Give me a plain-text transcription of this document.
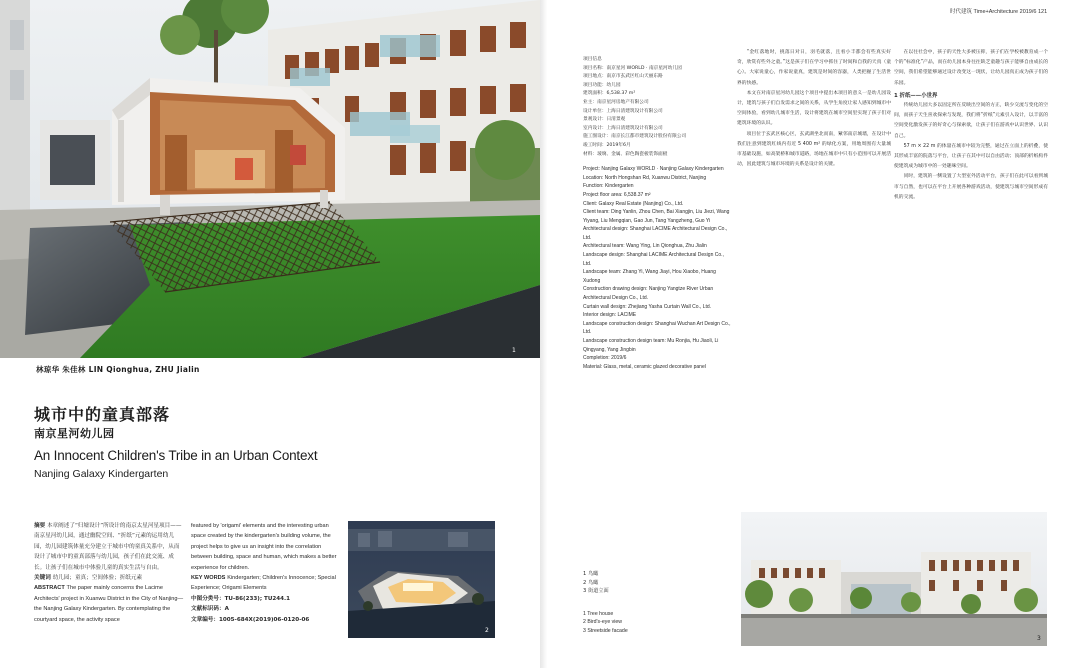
1
林琼华 朱佳林 LIN Qionghua, ZHU Jialin
城市中的童真部落
南京星河幼儿园
An Innocent Children's Tribe in an Urban Context
Nanjing Galaxy Kindergarten
摘要 本章阐述了“归墟设计”所设计的南京太星河星项目——南京星河幼儿园，通过幽院空间、“折纸”元素的运用幼儿园，幼儿园建筑体量充分建立于城市中的童真关系中，从而设计了城市中的童真部落与幼儿园，孩子们在此交流、成长。让孩子们在城市中体验儿童的真实生活与自由。
关键词 幼儿园；童真；空间体验；折纸元素
ABSTRACT The paper mainly concerns the Lacime Architects' project in Xuanwu District in the City of Nanjing—the Nanjing Galaxy Kindergarten. By contemplating the courtyard space, the activity space
featured by 'origami' elements and the interesting urban space created by the kindergarten's building volume, the project helps to give us an insight into the correlation between building, space and human, which makes a better experience for children.
KEY WORDS Kindergarten; Children's Innocence; Special Experience; Origami Elements
中图分类号：TU-86(233); TU244.1
文献标识码：A
文章编号：1005-684X(2019)06-0120-06
2
时代建筑 Time+Architecture 2019/6 121

项目信息

项目名称：南京星河 WORLD · 南京星河幼儿园

项目地点：南京市玄武区红山天丽东路

项目功能：幼儿园

建筑面积：6,538.37 m²

业主：南京星河房地产有限公司

设计单位：上海日清建筑设计有限公司

景观设计：日清景观

室内设计：上海日清建筑设计有限公司

施工图设计：南京长江都市建筑设计股份有限公司

竣工时间：2019年6月

材料：玻璃、金属、彩色陶瓷板装饰面板

Project: Nanjing Galaxy WORLD · Nanjing Galaxy Kindergarten

Location: North Hongshan Rd, Xuanwu District, Nanjing

Function: Kindergarten

Project floor area: 6,538.37 m²

Client: Galaxy Real Estate (Nanjing) Co., Ltd.

Client team: Ding Yanlin, Zhou Chen, Bai Xiangjin, Liu Jiezi, Wang Yiyang, Liu Mengqian, Gao Jun, Tang Yangzheng, Guo Yi

Architectural design: Shanghai LACIME Architectural Design Co., Ltd.

Architectural team: Wang Ying, Lin Qionghua, Zhu Jialin

Landscape design: Shanghai LACIME Architectural Design Co., Ltd.

Landscape team: Zhang Yi, Wang Jiayi, Hou Xiaobo, Huang Xudong

Construction drawing design: Nanjing Yangtze River Urban Architectural Design Co., Ltd.

Curtain wall design: Zhejiang Yasha Curtain Wall Co., Ltd.

Interior design: LACIME

Landscape construction design: Shanghai Wuchan Art Design Co., Ltd.

Landscape construction design team: Mu Ronjia, Hu Jiaoli, Li Qingyang, Yang Jingbin

Completion: 2019/6

Material: Glass, metal, ceramic glazed decorative panel

“金红落地时，挑落日对日，羽毛就落，且看小丰都会有些真实好奇，欣赏有些外之童。”这是孩子们在学习中抓住了时间和自我的天真（童心）。大家说童心，作家说童真，建筑是时间的容器，人类把握了生活世界的快感。

本文在对南京星河幼儿园这个项目中提出本项目的意义一是幼儿园设计，建筑与孩子们自发需求之间的关系，从学生角度让家人感知到城市中空间体验，看到幼儿城市生活，设计将建筑在城市空间里实现了孩子们对建筑环境的认识。

项目位于玄武区核心区，玄武湖坐北而南，紧邻南京城墙，在设计中我们注意到建筑红线内有近 5 400 m² 的绿化方案，用地周围有大量城市基础设施，如高架桥和城市道路，场地在城市中只有小范围可以开展活动，因此建筑与城市环境的关系是设计的关键。

在以往社会中，孩子的天性大多被压抑，孩子们在学校被教育成一个个的“标准化”产品，而在幼儿园本身往往缺乏童趣与孩子能够自由成长的空间，我们希望能够通过设计改变这一现状，让幼儿园真正成为孩子们的乐园。

1 折纸——小世界

传统幼儿园大多以固定所在反映出空间的方正，缺少交流与变化的空间，而孩子天生喜欢探索与发现，我们将“折纸”元素引入设计，以丰富的空间变化激发孩子的好奇心与探索欲，让孩子们在游戏中认识世界、认识自己。

57 m × 22 m 的体量在城市中较为完整，通过在立面上的折叠，使其形成丰富的院落与平台，让孩子在其中可以自由活动；顶部的折纸构件使建筑成为城市中的一处趣味空间。

同时，建筑的一侧设置了大型室外活动平台，孩子们在此可以看到城市与自然，也可以在平台上开展各种游戏活动，使建筑与城市空间形成有机的交流。

1 鸟瞰
2 鸟瞰
3 街道立面
1 Tree house
2 Bird's-eye view
3 Streetside facade
3
